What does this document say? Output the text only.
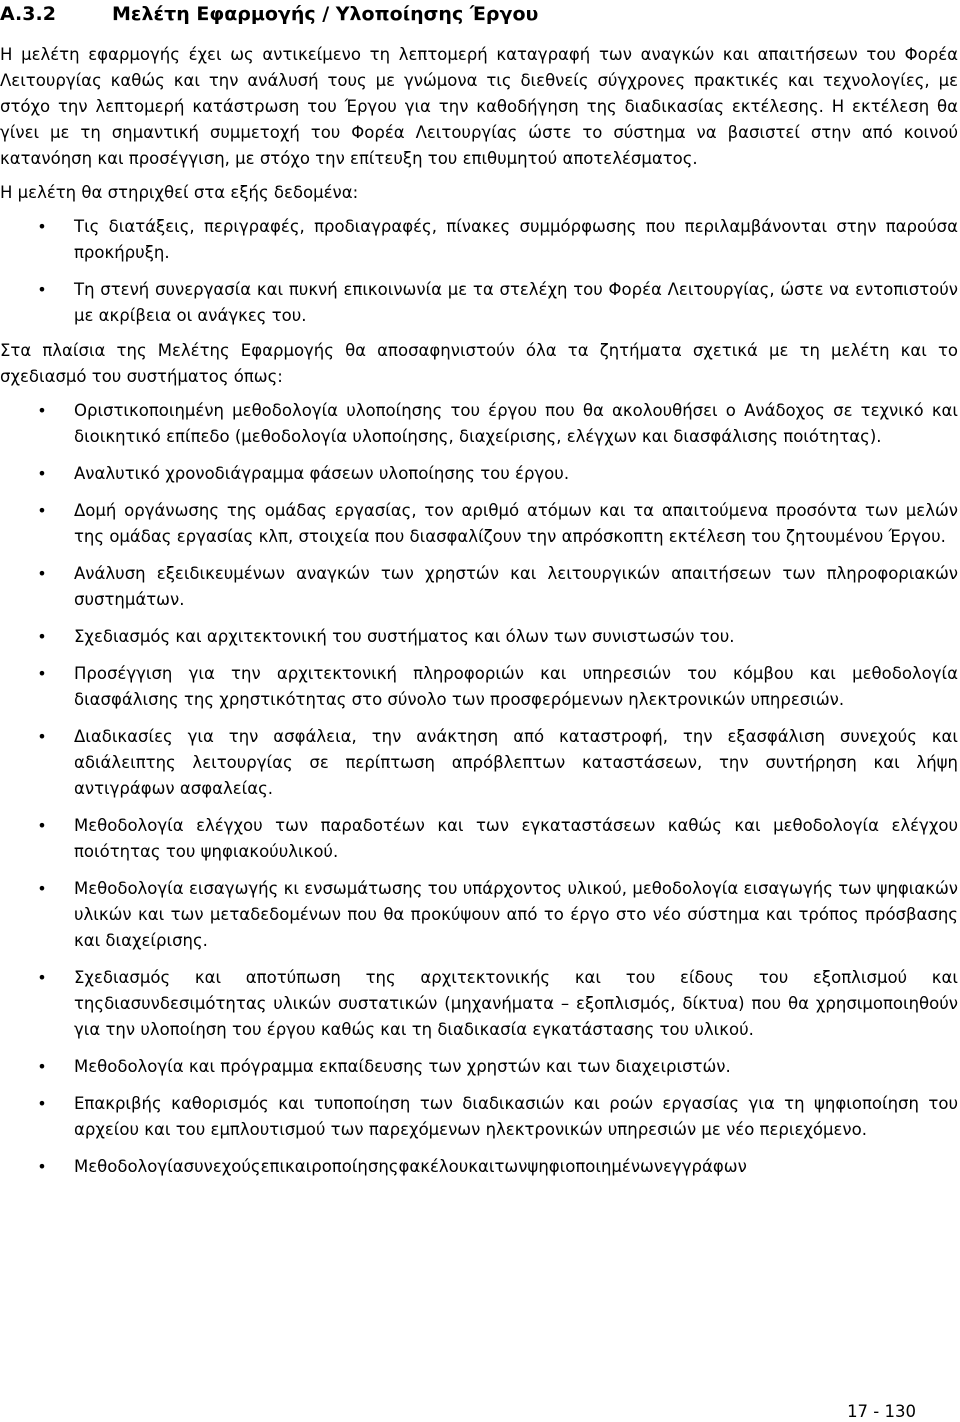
A.3.2	Μελέτη Εφαρμογής / Υλοποίησης Έργου

Η μελέτη εφαρμογής έχει ως αντικείμενο τη λεπτομερή καταγραφή των αναγκών και απαιτήσεων του Φορέα Λειτουργίας καθώς και την ανάλυσή τους με γνώμονα τις διεθνείς σύγχρονες πρακτικές και τεχνολογίες, με στόχο την λεπτομερή κατάστρωση του Έργου για την καθοδήγηση της διαδικασίας εκτέλεσης. Η εκτέλεση θα γίνει με τη σημαντική συμμετοχή του Φορέα Λειτουργίας ώστε το σύστημα να βασιστεί στην από κοινού κατανόηση και προσέγγιση, με στόχο την επίτευξη του επιθυμητού αποτελέσματος.

Η μελέτη θα στηριχθεί στα εξής δεδομένα:

•	Τις διατάξεις, περιγραφές, προδιαγραφές, πίνακες συμμόρφωσης που περιλαμβάνονται στην παρούσα προκήρυξη.
•	Τη στενή συνεργασία και πυκνή επικοινωνία με τα στελέχη του Φορέα Λειτουργίας, ώστε να εντοπιστούν με ακρίβεια οι ανάγκες του.

Στα πλαίσια της Μελέτης Εφαρμογής θα αποσαφηνιστούν όλα τα ζητήματα σχετικά με τη μελέτη και το σχεδιασμό του συστήματος όπως:

•	Οριστικοποιημένη μεθοδολογία υλοποίησης του έργου που θα ακολουθήσει ο Ανάδοχος σε τεχνικό και διοικητικό επίπεδο (μεθοδολογία υλοποίησης, διαχείρισης, ελέγχων και διασφάλισης ποιότητας).
•	Αναλυτικό χρονοδιάγραμμα φάσεων υλοποίησης του έργου.
•	Δομή οργάνωσης της ομάδας εργασίας, τον αριθμό ατόμων και τα απαιτούμενα προσόντα των μελών της ομάδας εργασίας κλπ, στοιχεία που διασφαλίζουν την απρόσκοπτη εκτέλεση του ζητουμένου Έργου.
•	Ανάλυση εξειδικευμένων αναγκών των χρηστών και λειτουργικών απαιτήσεων των πληροφοριακών συστημάτων.
•	Σχεδιασμός και αρχιτεκτονική του συστήματος και όλων των συνιστωσών του.
•	Προσέγγιση για την αρχιτεκτονική πληροφοριών και υπηρεσιών του κόμβου και μεθοδολογία διασφάλισης της χρηστικότητας στο σύνολο των προσφερόμενων ηλεκτρονικών υπηρεσιών.
•	Διαδικασίες για την ασφάλεια, την ανάκτηση από καταστροφή, την εξασφάλιση συνεχούς και αδιάλειπτης λειτουργίας σε περίπτωση απρόβλεπτων καταστάσεων, την συντήρηση και λήψη αντιγράφων ασφαλείας.
•	Μεθοδολογία ελέγχου των παραδοτέων και των εγκαταστάσεων καθώς και μεθοδολογία ελέγχου ποιότητας του ψηφιακούυλικού.
•	Μεθοδολογία εισαγωγής κι ενσωμάτωσης του υπάρχοντος υλικού, μεθοδολογία εισαγωγής των ψηφιακών υλικών και των μεταδεδομένων που θα προκύψουν από το έργο στο νέο σύστημα και τρόπος πρόσβασης και διαχείρισης.
•	Σχεδιασμός και αποτύπωση της αρχιτεκτονικής και του είδους του εξοπλισμού και τηςδιασυνδεσιμότητας υλικών συστατικών (μηχανήματα – εξοπλισμός, δίκτυα) που θα χρησιμοποιηθούν για την υλοποίηση του έργου καθώς και τη διαδικασία εγκατάστασης του υλικού.
•	Μεθοδολογία και πρόγραμμα εκπαίδευσης των χρηστών και των διαχειριστών.
•	Επακριβής καθορισμός και τυποποίηση των διαδικασιών και ροών εργασίας για τη ψηφιοποίηση του αρχείου και του εμπλουτισμού των παρεχόμενων ηλεκτρονικών υπηρεσιών με νέο περιεχόμενο.
•	Μεθοδολογίασυνεχούςεπικαιροποίησηςφακέλουκαιτωνψηφιοποιημένωνεγγράφων
17 - 130
